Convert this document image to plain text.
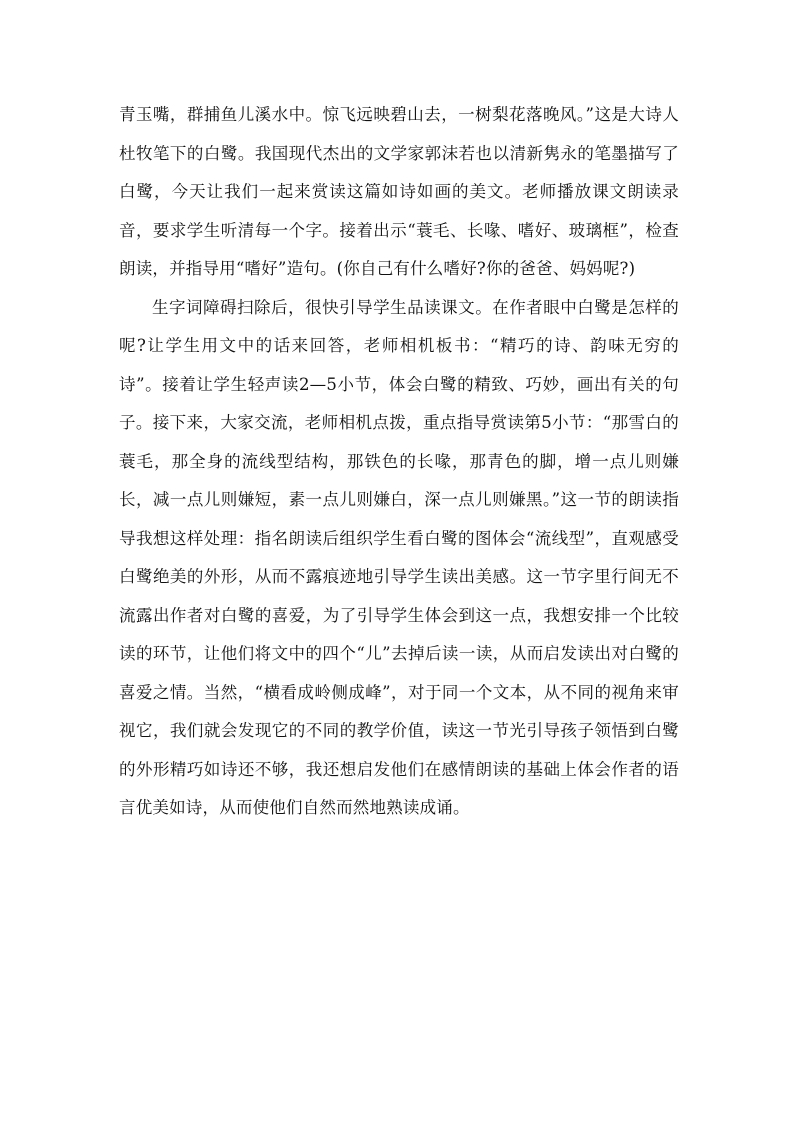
青玉嘴，群捕鱼儿溪水中。惊飞远映碧山去，一树梨花落晚风。”这是大诗人杜牧笔下的白鹭。我国现代杰出的文学家郭沫若也以清新隽永的笔墨描写了白鹭，今天让我们一起来赏读这篇如诗如画的美文。老师播放课文朗读录音，要求学生听清每一个字。接着出示“蓑毛、长喙、嗜好、玻璃框”，检查朗读，并指导用“嗜好”造句。(你自己有什么嗜好?你的爸爸、妈妈呢?)

生字词障碍扫除后，很快引导学生品读课文。在作者眼中白鹭是怎样的呢?让学生用文中的话来回答，老师相机板书：“精巧的诗、韵味无穷的诗”。接着让学生轻声读2—5小节，体会白鹭的精致、巧妙，画出有关的句子。接下来，大家交流，老师相机点拨，重点指导赏读第5小节：“那雪白的蓑毛，那全身的流线型结构，那铁色的长喙，那青色的脚，增一点儿则嫌长，减一点儿则嫌短，素一点儿则嫌白，深一点儿则嫌黑。”这一节的朗读指导我想这样处理：指名朗读后组织学生看白鹭的图体会“流线型”，直观感受白鹭绝美的外形，从而不露痕迹地引导学生读出美感。这一节字里行间无不流露出作者对白鹭的喜爱，为了引导学生体会到这一点，我想安排一个比较读的环节，让他们将文中的四个“儿”去掉后读一读，从而启发读出对白鹭的喜爱之情。当然，“横看成岭侧成峰”，对于同一个文本，从不同的视角来审视它，我们就会发现它的不同的教学价值，读这一节光引导孩子领悟到白鹭的外形精巧如诗还不够，我还想启发他们在感情朗读的基础上体会作者的语言优美如诗，从而使他们自然而然地熟读成诵。
